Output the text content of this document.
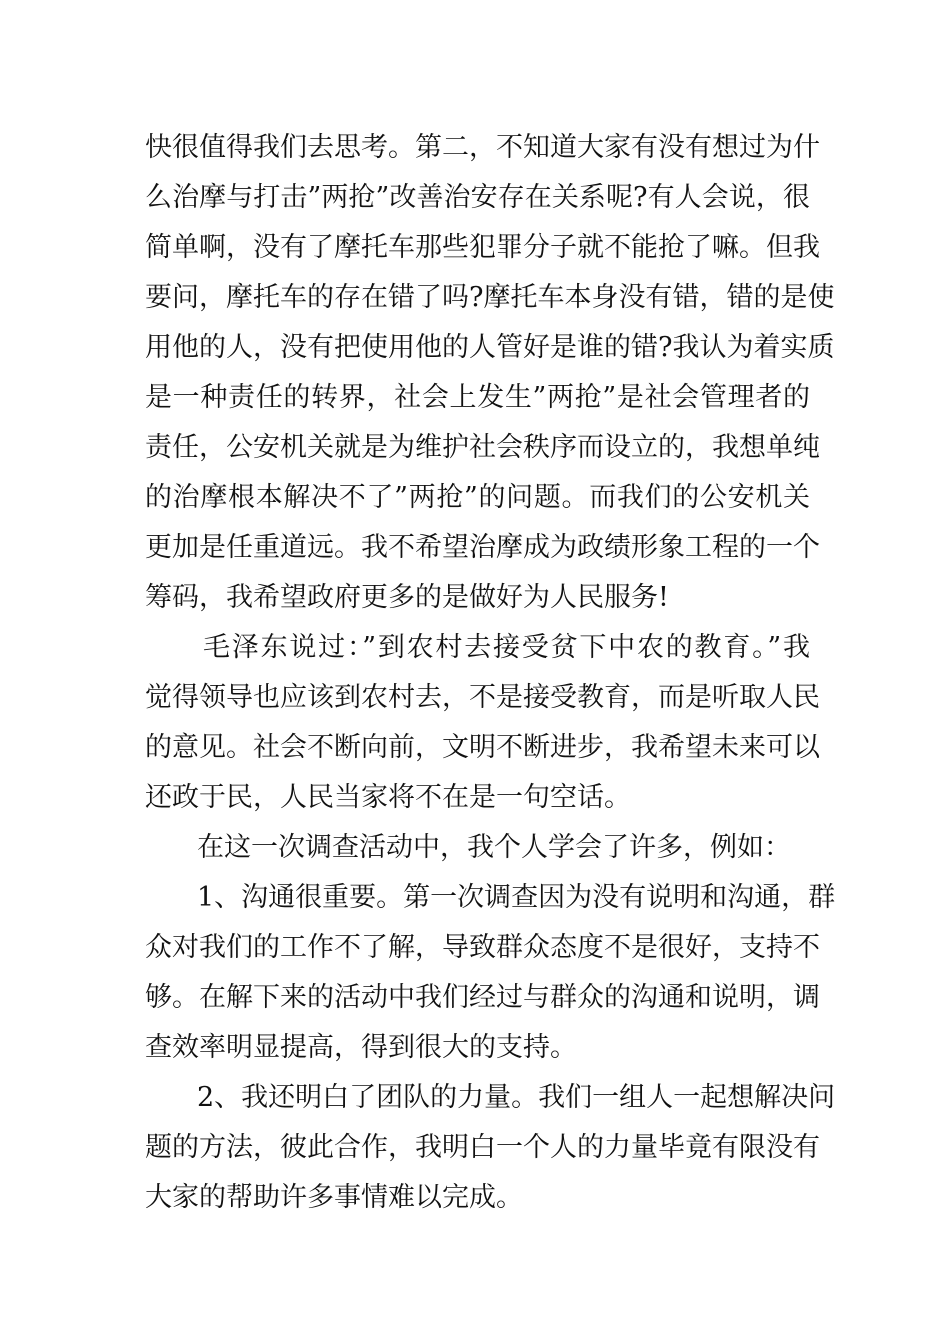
快很值得我们去思考。第二，不知道大家有没有想过为什
么治摩与打击”两抢”改善治安存在关系呢?有人会说，很
简单啊，没有了摩托车那些犯罪分子就不能抢了嘛。但我
要问，摩托车的存在错了吗?摩托车本身没有错，错的是使
用他的人，没有把使用他的人管好是谁的错?我认为着实质
是一种责任的转界，社会上发生”两抢”是社会管理者的
责任，公安机关就是为维护社会秩序而设立的，我想单纯
的治摩根本解决不了”两抢”的问题。而我们的公安机关
更加是任重道远。我不希望治摩成为政绩形象工程的一个
筹码，我希望政府更多的是做好为人民服务!
毛泽东说过：”到农村去接受贫下中农的教育。”我
觉得领导也应该到农村去，不是接受教育，而是听取人民
的意见。社会不断向前，文明不断进步，我希望未来可以
还政于民，人民当家将不在是一句空话。
在这一次调查活动中，我个人学会了许多，例如：
1、沟通很重要。第一次调查因为没有说明和沟通，群
众对我们的工作不了解，导致群众态度不是很好，支持不
够。在解下来的活动中我们经过与群众的沟通和说明，调
查效率明显提高，得到很大的支持。
2、我还明白了团队的力量。我们一组人一起想解决问
题的方法，彼此合作，我明白一个人的力量毕竟有限没有
大家的帮助许多事情难以完成。
